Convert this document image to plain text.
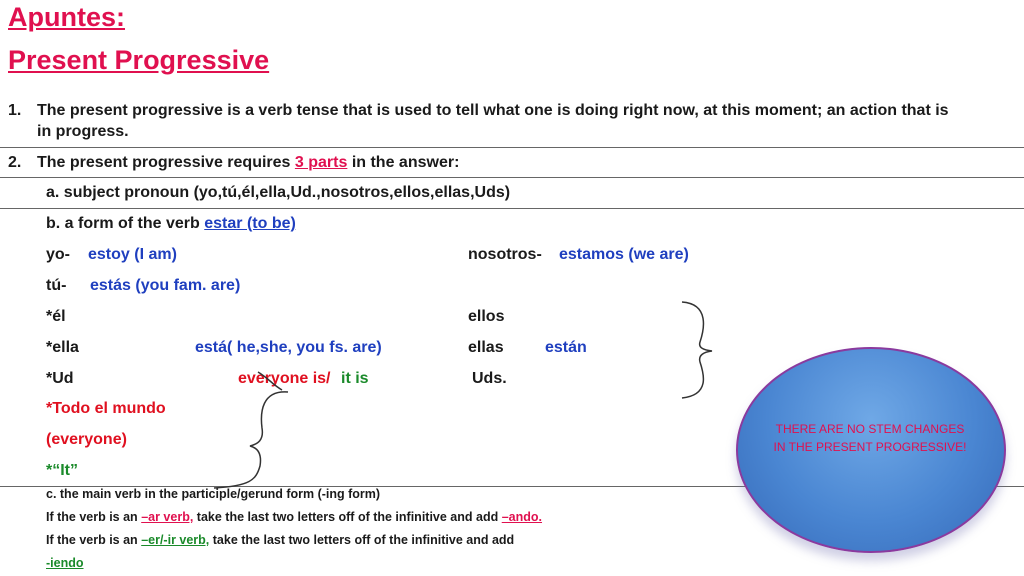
Apuntes:
Present Progressive
1. The present progressive is a verb tense that is used to tell what one is doing right now, at this moment; an action that is
in progress.
2. The present progressive requires 3 parts in the answer:
a. subject pronoun (yo,tú,él,ella,Ud.,nosotros,ellos,ellas,Uds)
b. a form of the verb estar (to be)
yo- estoy (I am)	nosotros- estamos (we are)
tú- estás (you fam. are)
*él	ellos
*ella	está( he,she, you fs. are)	ellas	están
*Ud	everyone is/ it is	Uds.
*Todo el mundo
(everyone)
*“It”
c. the main verb in the participle/gerund form (-ing form)
If the verb is an –ar verb, take the last two letters off of the infinitive and add –ando.
If the verb is an –er/-ir verb, take the last two letters off of the infinitive and add
-iendo
THERE ARE NO STEM CHANGES IN THE PRESENT PROGRESSIVE!
